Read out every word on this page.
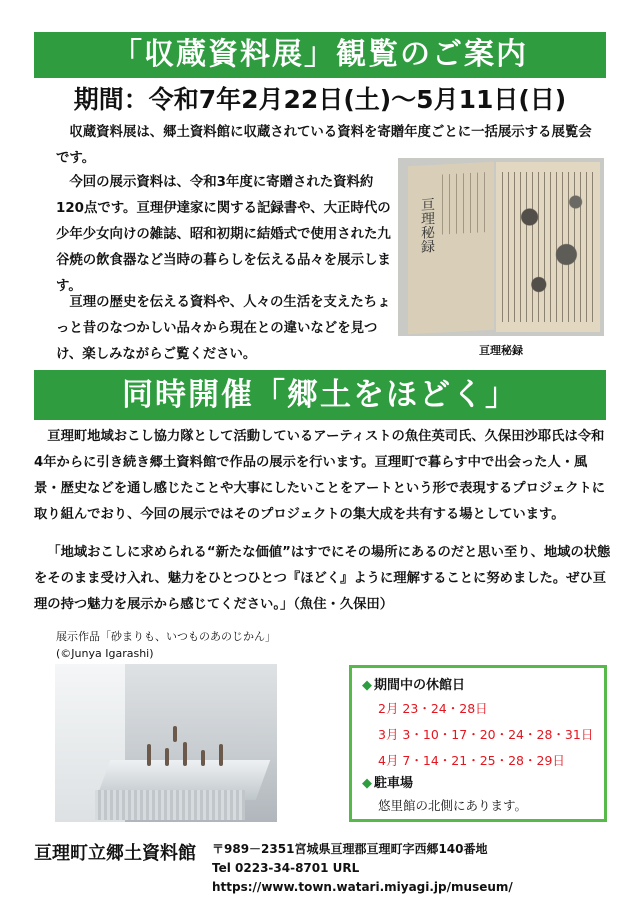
「収蔵資料展」観覧のご案内
期間：令和7年2月22日(土)～5月11日(日)

収蔵資料展は、郷土資料館に収蔵されている資料を寄贈年度ごとに一括展示する展覧会です。

今回の展示資料は、令和3年度に寄贈された資料約120点です。亘理伊達家に関する記録書や、大正時代の少年少女向けの雑誌、昭和初期に結婚式で使用された九谷焼の飲食器など当時の暮らしを伝える品々を展示します。

亘理の歴史を伝える資料や、人々の生活を支えたちょっと昔のなつかしい品々から現在との違いなどを見つけ、楽しみながらご覧ください。

亘理秘録
亘理秘録
同時開催「郷土をほどく」

亘理町地域おこし協力隊として活動しているアーティストの魚住英司氏、久保田沙耶氏は令和4年からに引き続き郷土資料館で作品の展示を行います。亘理町で暮らす中で出会った人・風景・歴史などを通し感じたことや大事にしたいことをアートという形で表現するプロジェクトに取り組んでおり、今回の展示ではそのプロジェクトの集大成を共有する場としています。

「地域おこしに求められる“新たな価値”はすでにその場所にあるのだと思い至り、地域の状態をそのまま受け入れ、魅力をひとつひとつ『ほどく』ように理解することに努めました。ぜひ亘理の持つ魅力を展示から感じてください。」（魚住・久保田）

展示作品「砂まりも、いつものあのじかん」
(©Junya Igarashi)
◆ 期間中の休館日
2月 23・24・28日
3月 3・10・17・20・24・28・31日
4月 7・14・21・25・28・29日
◆ 駐車場
悠里館の北側にあります。
亘理町立郷土資料館 〒989－2351宮城県亘理郡亘理町字西郷140番地
Tel 0223-34-8701 URL https://www.town.watari.miyagi.jp/museum/
